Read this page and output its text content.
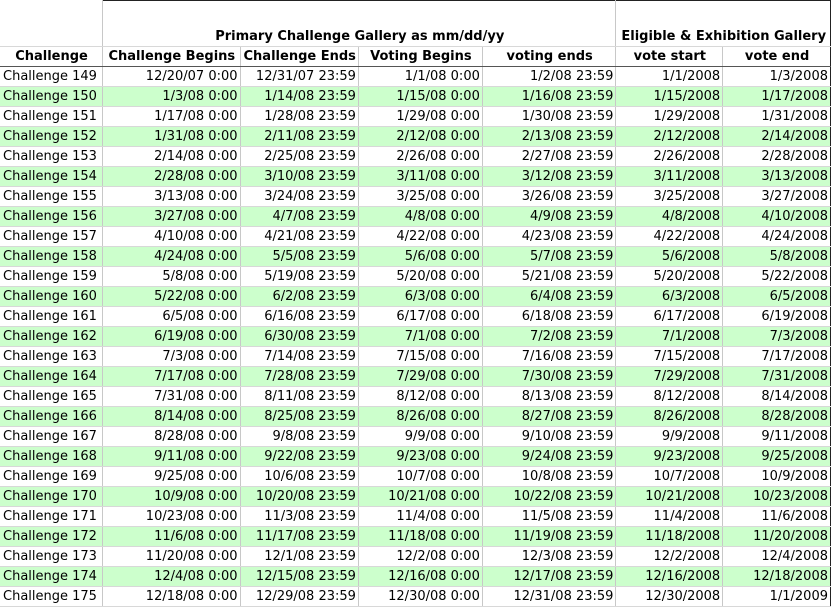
	Primary Challenge Gallery as mm/dd/yy				Eligible & Exhibition Gallery	
Challenge	Challenge Begins	Challenge Ends	Voting Begins	voting ends	vote start	vote end
Challenge 149	12/20/07 0:00	12/31/07 23:59	1/1/08 0:00	1/2/08 23:59	1/1/2008	1/3/2008
Challenge 150	1/3/08 0:00	1/14/08 23:59	1/15/08 0:00	1/16/08 23:59	1/15/2008	1/17/2008
Challenge 151	1/17/08 0:00	1/28/08 23:59	1/29/08 0:00	1/30/08 23:59	1/29/2008	1/31/2008
Challenge 152	1/31/08 0:00	2/11/08 23:59	2/12/08 0:00	2/13/08 23:59	2/12/2008	2/14/2008
Challenge 153	2/14/08 0:00	2/25/08 23:59	2/26/08 0:00	2/27/08 23:59	2/26/2008	2/28/2008
Challenge 154	2/28/08 0:00	3/10/08 23:59	3/11/08 0:00	3/12/08 23:59	3/11/2008	3/13/2008
Challenge 155	3/13/08 0:00	3/24/08 23:59	3/25/08 0:00	3/26/08 23:59	3/25/2008	3/27/2008
Challenge 156	3/27/08 0:00	4/7/08 23:59	4/8/08 0:00	4/9/08 23:59	4/8/2008	4/10/2008
Challenge 157	4/10/08 0:00	4/21/08 23:59	4/22/08 0:00	4/23/08 23:59	4/22/2008	4/24/2008
Challenge 158	4/24/08 0:00	5/5/08 23:59	5/6/08 0:00	5/7/08 23:59	5/6/2008	5/8/2008
Challenge 159	5/8/08 0:00	5/19/08 23:59	5/20/08 0:00	5/21/08 23:59	5/20/2008	5/22/2008
Challenge 160	5/22/08 0:00	6/2/08 23:59	6/3/08 0:00	6/4/08 23:59	6/3/2008	6/5/2008
Challenge 161	6/5/08 0:00	6/16/08 23:59	6/17/08 0:00	6/18/08 23:59	6/17/2008	6/19/2008
Challenge 162	6/19/08 0:00	6/30/08 23:59	7/1/08 0:00	7/2/08 23:59	7/1/2008	7/3/2008
Challenge 163	7/3/08 0:00	7/14/08 23:59	7/15/08 0:00	7/16/08 23:59	7/15/2008	7/17/2008
Challenge 164	7/17/08 0:00	7/28/08 23:59	7/29/08 0:00	7/30/08 23:59	7/29/2008	7/31/2008
Challenge 165	7/31/08 0:00	8/11/08 23:59	8/12/08 0:00	8/13/08 23:59	8/12/2008	8/14/2008
Challenge 166	8/14/08 0:00	8/25/08 23:59	8/26/08 0:00	8/27/08 23:59	8/26/2008	8/28/2008
Challenge 167	8/28/08 0:00	9/8/08 23:59	9/9/08 0:00	9/10/08 23:59	9/9/2008	9/11/2008
Challenge 168	9/11/08 0:00	9/22/08 23:59	9/23/08 0:00	9/24/08 23:59	9/23/2008	9/25/2008
Challenge 169	9/25/08 0:00	10/6/08 23:59	10/7/08 0:00	10/8/08 23:59	10/7/2008	10/9/2008
Challenge 170	10/9/08 0:00	10/20/08 23:59	10/21/08 0:00	10/22/08 23:59	10/21/2008	10/23/2008
Challenge 171	10/23/08 0:00	11/3/08 23:59	11/4/08 0:00	11/5/08 23:59	11/4/2008	11/6/2008
Challenge 172	11/6/08 0:00	11/17/08 23:59	11/18/08 0:00	11/19/08 23:59	11/18/2008	11/20/2008
Challenge 173	11/20/08 0:00	12/1/08 23:59	12/2/08 0:00	12/3/08 23:59	12/2/2008	12/4/2008
Challenge 174	12/4/08 0:00	12/15/08 23:59	12/16/08 0:00	12/17/08 23:59	12/16/2008	12/18/2008
Challenge 175	12/18/08 0:00	12/29/08 23:59	12/30/08 0:00	12/31/08 23:59	12/30/2008	1/1/2009
